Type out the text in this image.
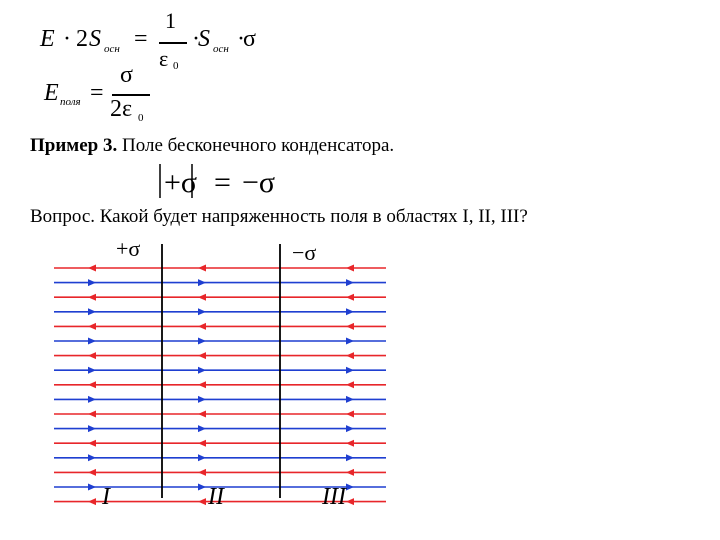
E · 2 S осн =
1
ε 0
·
S осн ·
σ
E поля =
σ
2ε 0
Пример 3. Поле бесконечного конденсатора.
+σ = −σ
Вопрос. Какой будет напряженность поля в областях I, II, III?
+σ	−σ
I	II	III
